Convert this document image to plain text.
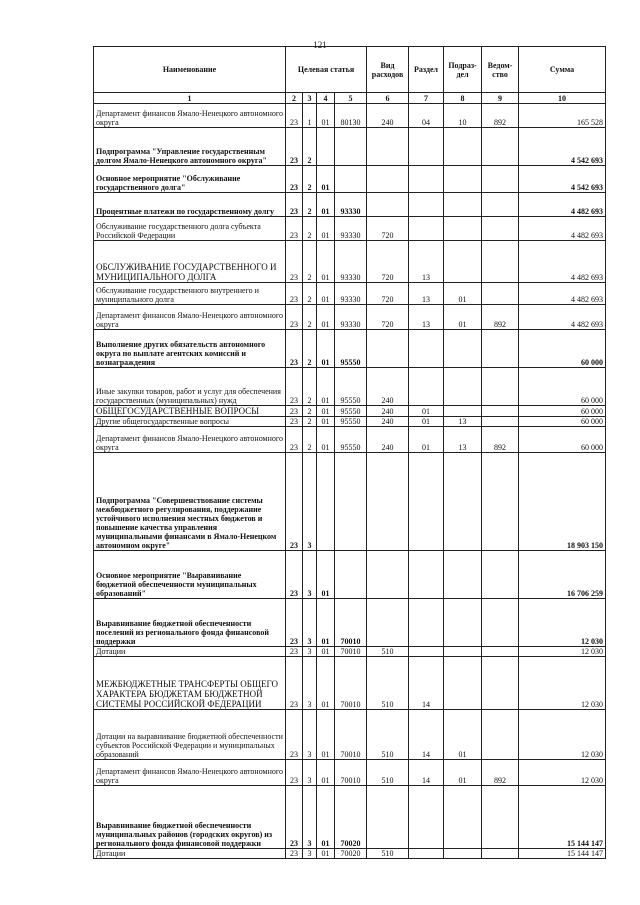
121
Наименование	Целевая статья				Вид расходов	Раздел	Подраз-дел	Ведом-ство	Сумма
1	2	3	4	5	6	7	8	9	10
Департамент финансов Ямало-Ненецкого автономного округа	23	1	01	80130	240	04	10	892	165 528
Подпрограмма "Управление государственным долгом Ямало-Ненецкого автономного округа"	23	2							4 542 693
Основное мероприятие "Обслуживание государственного долга"	23	2	01						4 542 693
Процентные платежи по государственному долгу	23	2	01	93330					4 482 693
Обслуживание государственного долга субъекта Российской Федерации	23	2	01	93330	720				4 482 693
ОБСЛУЖИВАНИЕ ГОСУДАРСТВЕННОГО И МУНИЦИПАЛЬНОГО ДОЛГА	23	2	01	93330	720	13			4 482 693
Обслуживание государственного внутреннего и муниципального долга	23	2	01	93330	720	13	01		4 482 693
Департамент финансов Ямало-Ненецкого автономного округа	23	2	01	93330	720	13	01	892	4 482 693
Выполнение других обязательств автономного округа по выплате агентских комиссий и вознаграждения	23	2	01	95550					60 000
Иные закупки товаров, работ и услуг для обеспечения государственных (муниципальных) нужд	23	2	01	95550	240				60 000
ОБЩЕГОСУДАРСТВЕННЫЕ ВОПРОСЫ	23	2	01	95550	240	01			60 000
Другие общегосударственные вопросы	23	2	01	95550	240	01	13		60 000
Департамент финансов Ямало-Ненецкого автономного округа	23	2	01	95550	240	01	13	892	60 000
Подпрограмма "Совершенствование системы межбюджетного регулирования, поддержание устойчивого исполнения местных бюджетов и повышение качества управления муниципальными финансами в Ямало-Ненецком автономном округе"	23	3							18 903 150
Основное мероприятие "Выравнивание бюджетной обеспеченности муниципальных образований"	23	3	01						16 706 259
Выравнивание бюджетной обеспеченности поселений из регионального фонда финансовой поддержки	23	3	01	70010					12 030
Дотации	23	3	01	70010	510				12 030
МЕЖБЮДЖЕТНЫЕ ТРАНСФЕРТЫ ОБЩЕГО ХАРАКТЕРА БЮДЖЕТАМ БЮДЖЕТНОЙ СИСТЕМЫ РОССИЙСКОЙ ФЕДЕРАЦИИ	23	3	01	70010	510	14			12 030
Дотации на выравнивание бюджетной обеспеченности субъектов Российской Федерации и муниципальных образований	23	3	01	70010	510	14	01		12 030
Департамент финансов Ямало-Ненецкого автономного округа	23	3	01	70010	510	14	01	892	12 030
Выравнивание бюджетной обеспеченности муниципальных районов (городских округов) из регионального фонда финансовой поддержки	23	3	01	70020					15 144 147
Дотации	23	3	01	70020	510				15 144 147
